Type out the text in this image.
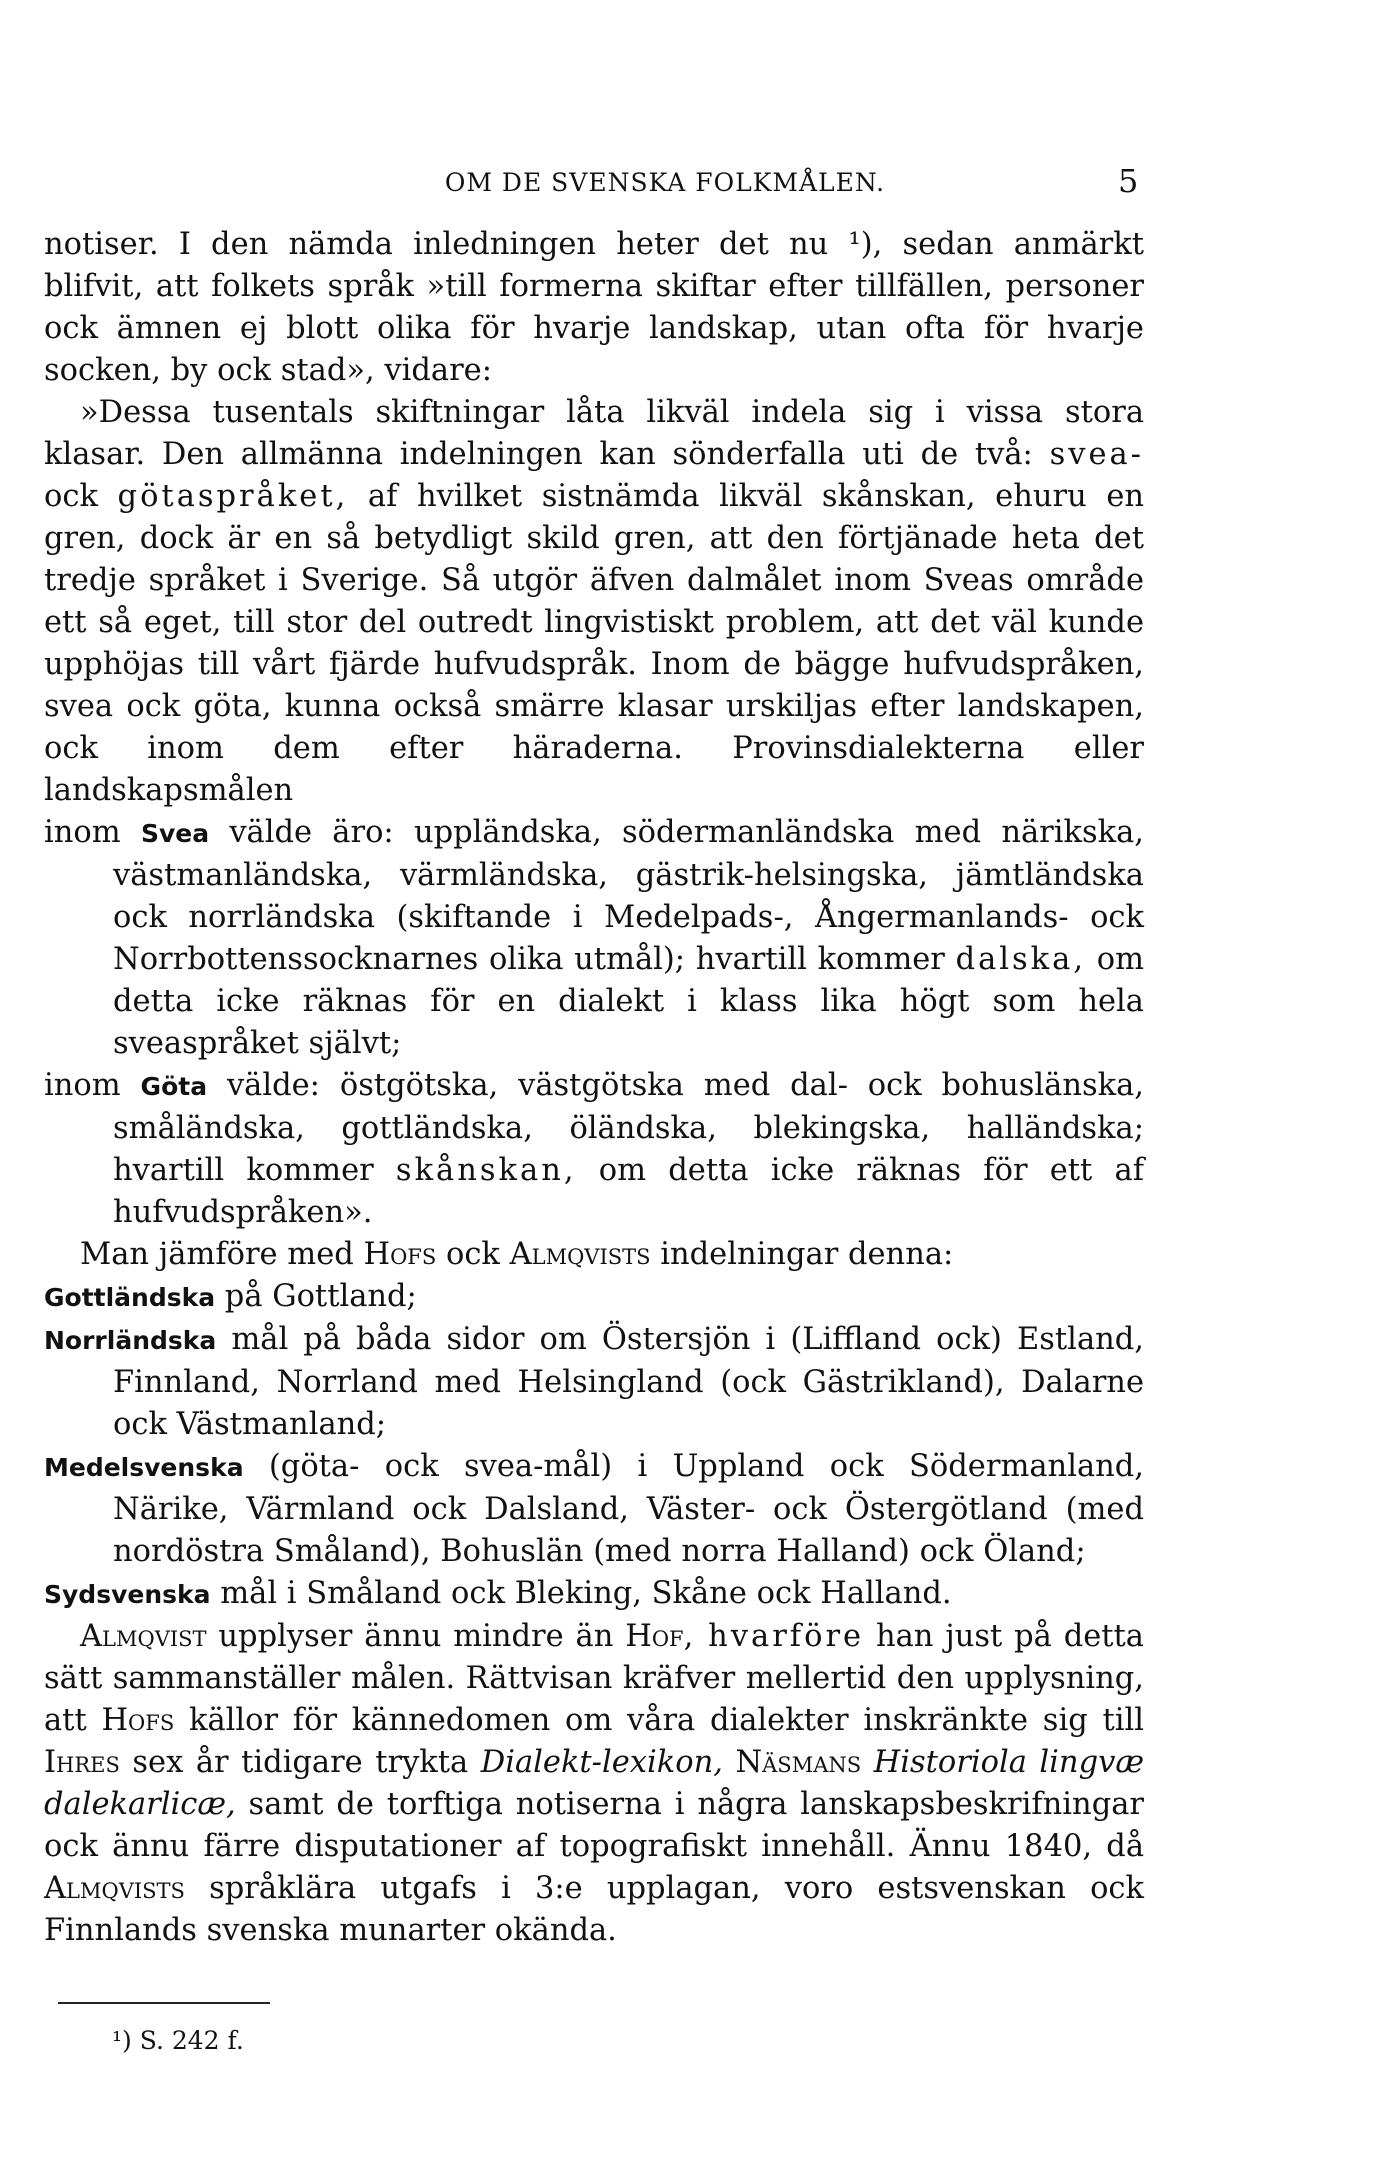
OM DE SVENSKA FOLKMÅLEN.	5

notiser. I den nämda inledningen heter det nu ¹), sedan anmärkt blifvit, att folkets språk »till formerna skiftar efter tillfällen, personer ock ämnen ej blott olika för hvarje landskap, utan ofta för hvarje socken, by ock stad», vidare:

»Dessa tusentals skiftningar låta likväl indela sig i vissa stora klasar. Den allmänna indelningen kan sönderfalla uti de två: svea- ock götaspråket, af hvilket sistnämda likväl skånskan, ehuru en gren, dock är en så betydligt skild gren, att den förtjänade heta det tredje språket i Sverige. Så utgör äfven dalmålet inom Sveas område ett så eget, till stor del outredt lingvistiskt problem, att det väl kunde upphöjas till vårt fjärde hufvudspråk. Inom de bägge hufvudspråken, svea ock göta, kunna också smärre klasar urskiljas efter landskapen, ock inom dem efter häraderna. Provinsdialekterna eller landskapsmålen

inom Svea välde äro: uppländska, södermanländska med närikska, västmanländska, värmländska, gästrik-helsingska, jämtländska ock norrländska (skiftande i Medelpads-, Ångermanlands- ock Norrbottenssocknarnes olika utmål); hvartill kommer dalska, om detta icke räknas för en dialekt i klass lika högt som hela sveaspråket självt;

inom Göta välde: östgötska, västgötska med dal- ock bohuslänska, småländska, gottländska, öländska, blekingska, halländska; hvartill kommer skånskan, om detta icke räknas för ett af hufvudspråken».

Man jämföre med Hofs ock Almqvists indelningar denna:

Gottländska på Gottland;

Norrländska mål på båda sidor om Östersjön i (Liffland ock) Estland, Finnland, Norrland med Helsingland (ock Gästrikland), Dalarne ock Västmanland;

Medelsvenska (göta- ock svea-mål) i Uppland ock Södermanland, Närike, Värmland ock Dalsland, Väster- ock Östergötland (med nordöstra Småland), Bohuslän (med norra Halland) ock Öland;

Sydsvenska mål i Småland ock Bleking, Skåne ock Halland.

Almqvist upplyser ännu mindre än Hof, hvarföre han just på detta sätt sammanställer målen. Rättvisan kräfver mellertid den upplysning, att Hofs källor för kännedomen om våra dialekter inskränkte sig till Ihres sex år tidigare trykta Dialekt-lexikon, Näsmans Historiola lingvæ dalekarlicæ, samt de torftiga notiserna i några lanskapsbeskrifningar ock ännu färre disputationer af topografiskt innehåll. Ännu 1840, då Almqvists språklära utgafs i 3:e upplagan, voro estsvenskan ock Finnlands svenska munarter okända.

¹) S. 242 f.
